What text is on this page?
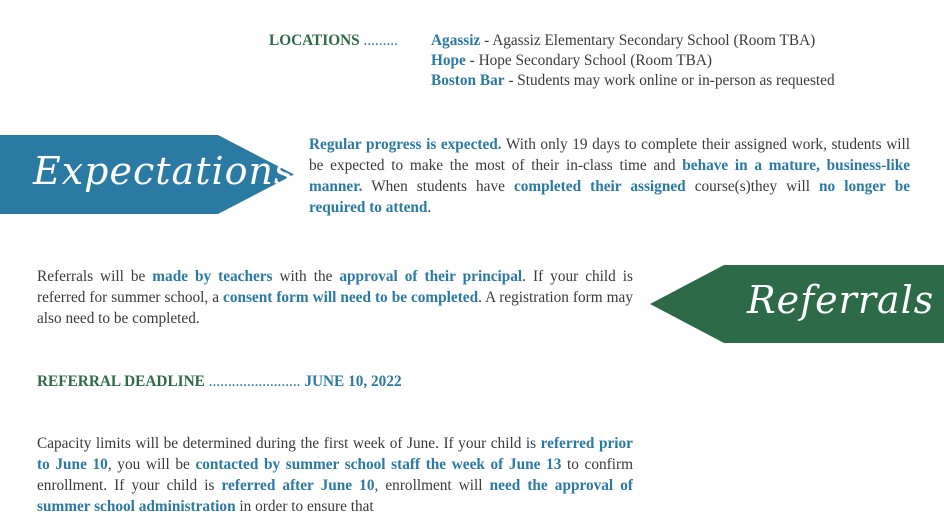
LOCATIONS ......... Agassiz - Agassiz Elementary Secondary School (Room TBA)
Hope - Hope Secondary School (Room TBA)
Boston Bar - Students may work online or in-person as requested
Expectations

Regular progress is expected. With only 19 days to complete their assigned work, students will be expected to make the most of their in-class time and behave in a mature, business-like manner. When students have completed their assigned course(s)they will no longer be required to attend.

Referrals will be made by teachers with the approval of their principal. If your child is referred for summer school, a consent form will need to be completed. A registration form may also need to be completed.	Referrals
REFERRAL DEADLINE ........................ JUNE 10, 2022

Capacity limits will be determined during the first week of June. If your child is referred prior to June 10, you will be contacted by summer school staff the week of June 13 to confirm enrollment. If your child is referred after June 10, enrollment will need the approval of summer school administration in order to ensure that
